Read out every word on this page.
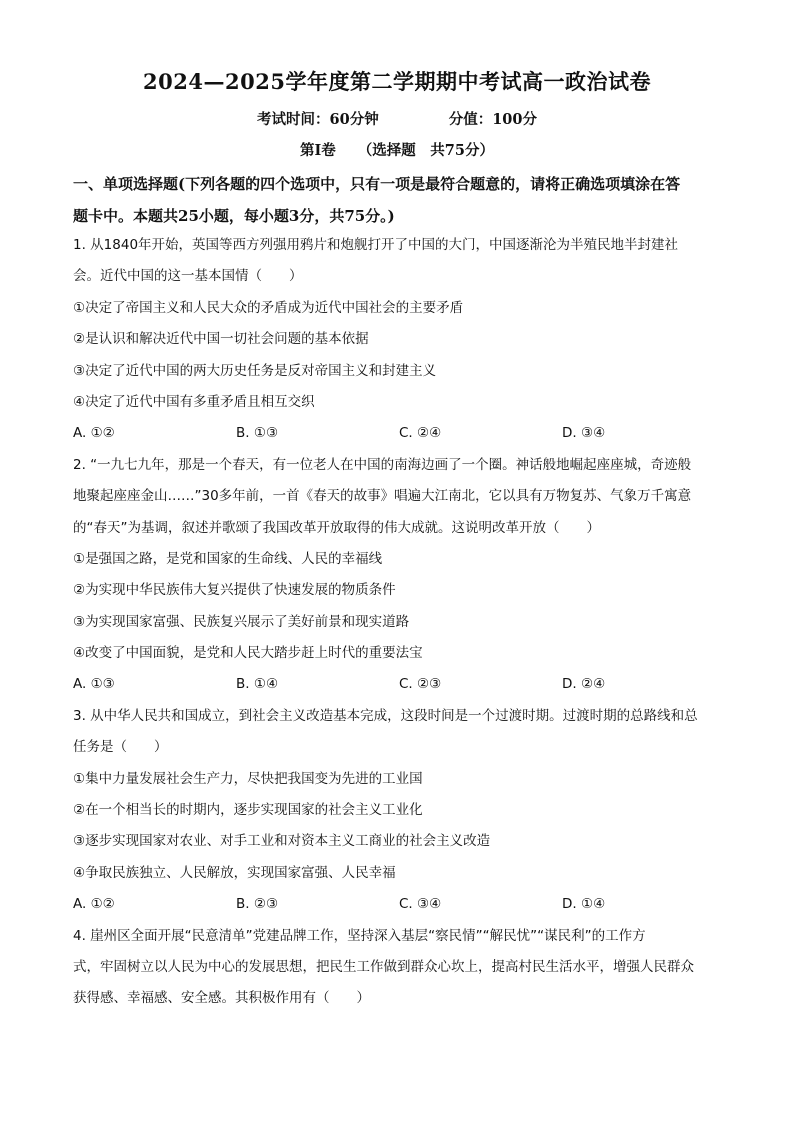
2024—2025学年度第二学期期中考试高一政治试卷
考试时间：60分钟	分值：100分
第Ⅰ卷 （选择题　共75分）
一、单项选择题(下列各题的四个选项中，只有一项是最符合题意的，请将正确选项填涂在答
题卡中。本题共25小题，每小题3分，共75分。)
1. 从1840年开始，英国等西方列强用鸦片和炮舰打开了中国的大门，中国逐渐沦为半殖民地半封建社
会。近代中国的这一基本国情（　　）
①决定了帝国主义和人民大众的矛盾成为近代中国社会的主要矛盾
②是认识和解决近代中国一切社会问题的基本依据
③决定了近代中国的两大历史任务是反对帝国主义和封建主义
④决定了近代中国有多重矛盾且相互交织
A. ①②	B. ①③	C. ②④	D. ③④
2. “一九七九年，那是一个春天，有一位老人在中国的南海边画了一个圈。神话般地崛起座座城，奇迹般
地聚起座座金山……”30多年前，一首《春天的故事》唱遍大江南北，它以具有万物复苏、气象万千寓意
的“春天”为基调，叙述并歌颂了我国改革开放取得的伟大成就。这说明改革开放（　　）
①是强国之路，是党和国家的生命线、人民的幸福线
②为实现中华民族伟大复兴提供了快速发展的物质条件
③为实现国家富强、民族复兴展示了美好前景和现实道路
④改变了中国面貌，是党和人民大踏步赶上时代的重要法宝
A. ①③	B. ①④	C. ②③	D. ②④
3. 从中华人民共和国成立，到社会主义改造基本完成，这段时间是一个过渡时期。过渡时期的总路线和总
任务是（　　）
①集中力量发展社会生产力，尽快把我国变为先进的工业国
②在一个相当长的时期内，逐步实现国家的社会主义工业化
③逐步实现国家对农业、对手工业和对资本主义工商业的社会主义改造
④争取民族独立、人民解放，实现国家富强、人民幸福
A. ①②	B. ②③	C. ③④	D. ①④
4. 崖州区全面开展“民意清单”党建品牌工作，坚持深入基层“察民情”“解民忧”“谋民利”的工作方
式，牢固树立以人民为中心的发展思想，把民生工作做到群众心坎上，提高村民生活水平，增强人民群众
获得感、幸福感、安全感。其积极作用有（　　）
